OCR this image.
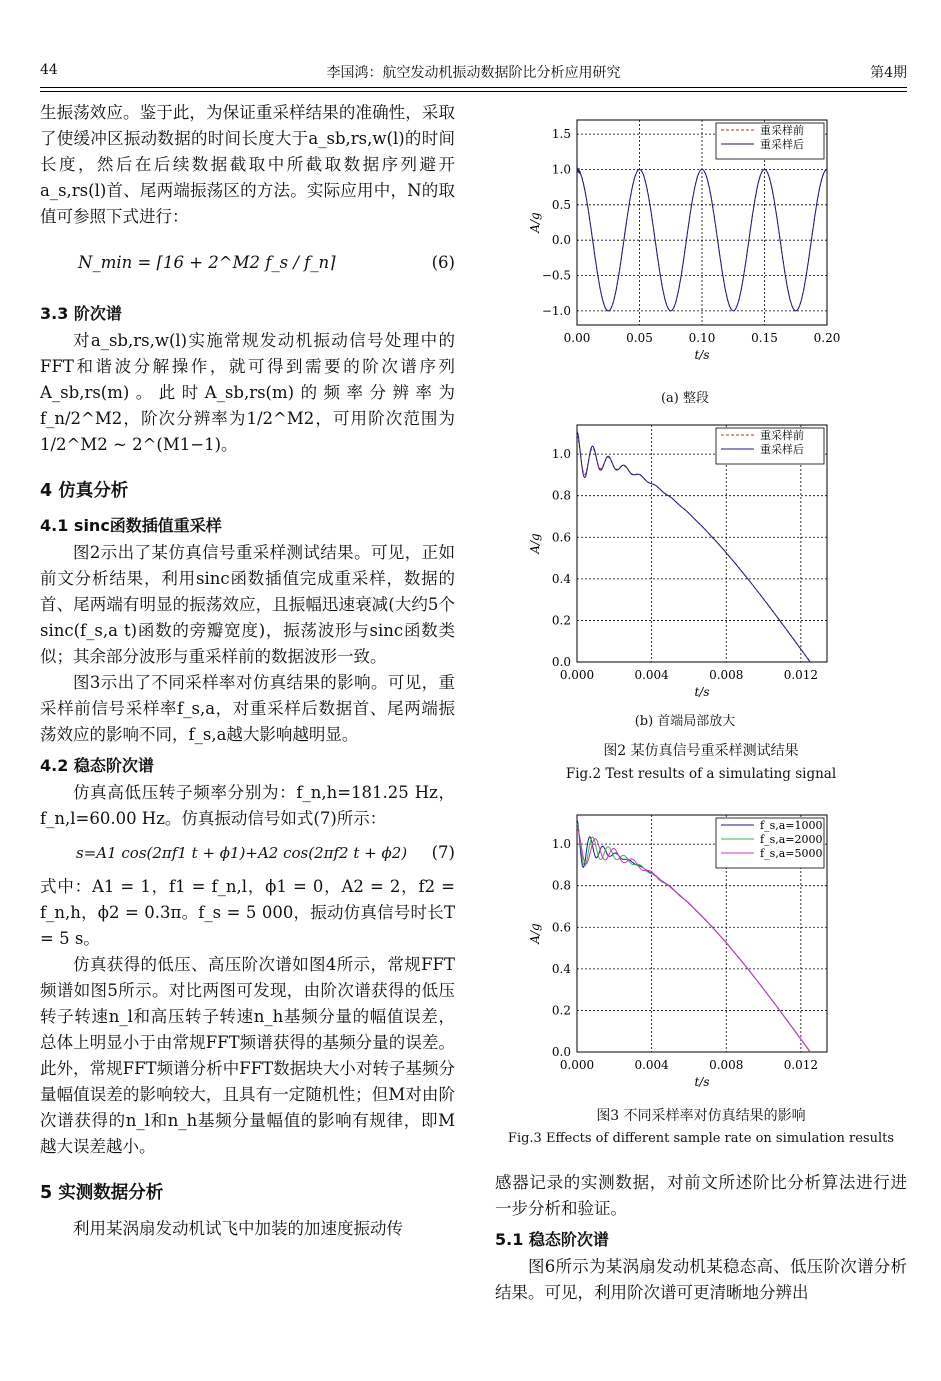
44	李国鸿：航空发动机振动数据阶比分析应用研究	第4期

生振荡效应。鉴于此，为保证重采样结果的准确性，采取了使缓冲区振动数据的时间长度大于a_sb,rs,w(l)的时间长度，然后在后续数据截取中所截取数据序列避开a_s,rs(l)首、尾两端振荡区的方法。实际应用中，N的取值可参照下式进行：

N_min = ⌈16 + 2^M2 f_s / f_n⌉	(6)
3.3 阶次谱

对a_sb,rs,w(l)实施常规发动机振动信号处理中的FFT和谐波分解操作，就可得到需要的阶次谱序列A_sb,rs(m)。此时A_sb,rs(m)的频率分辨率为f_n/2^M2，阶次分辨率为1/2^M2，可用阶次范围为1/2^M2 ~ 2^(M1−1)。

4 仿真分析
4.1 sinc函数插值重采样

图2示出了某仿真信号重采样测试结果。可见，正如前文分析结果，利用sinc函数插值完成重采样，数据的首、尾两端有明显的振荡效应，且振幅迅速衰减(大约5个sinc(f_s,a t)函数的旁瓣宽度)，振荡波形与sinc函数类似；其余部分波形与重采样前的数据波形一致。

图3示出了不同采样率对仿真结果的影响。可见，重采样前信号采样率f_s,a，对重采样后数据首、尾两端振荡效应的影响不同，f_s,a越大影响越明显。

4.2 稳态阶次谱

仿真高低压转子频率分别为：f_n,h=181.25 Hz，f_n,l=60.00 Hz。仿真振动信号如式(7)所示：

s=A1 cos(2πf1 t + ϕ1)+A2 cos(2πf2 t + ϕ2) (7)

式中：A1 = 1，f1 = f_n,l，ϕ1 = 0，A2 = 2，f2 = f_n,h，ϕ2 = 0.3π。f_s = 5 000，振动仿真信号时长T = 5 s。

仿真获得的低压、高压阶次谱如图4所示，常规FFT频谱如图5所示。对比两图可发现，由阶次谱获得的低压转子转速n_l和高压转子转速n_h基频分量的幅值误差，总体上明显小于由常规FFT频谱获得的基频分量的误差。此外，常规FFT频谱分析中FFT数据块大小对转子基频分量幅值误差的影响较大，且具有一定随机性；但M对由阶次谱获得的n_l和n_h基频分量幅值的影响有规律，即M越大误差越小。

5 实测数据分析

利用某涡扇发动机试飞中加装的加速度振动传

感器记录的实测数据，对前文所述阶比分析算法进行进一步分析和验证。

5.1 稳态阶次谱

图6所示为某涡扇发动机某稳态高、低压阶次谱分析结果。可见，利用阶次谱可更清晰地分辨出

0.00	0.05	0.10	0.15	0.20
−1.0
−0.5
0.0
0.5
1.0
1.5
A/g
t/s
重采样前
重采样后
(a) 整段
0.000	0.004	0.008	0.012
0.0
0.2
0.4
0.6
0.8
1.0
A/g
t/s
重采样前
重采样后
(b) 首端局部放大
图2 某仿真信号重采样测试结果
Fig.2 Test results of a simulating signal
0.000	0.004	0.008	0.012
0.0
0.2
0.4
0.6
0.8
1.0
A/g
t/s
f_s,a=1000
f_s,a=2000
f_s,a=5000
图3 不同采样率对仿真结果的影响
Fig.3 Effects of different sample rate on simulation results
